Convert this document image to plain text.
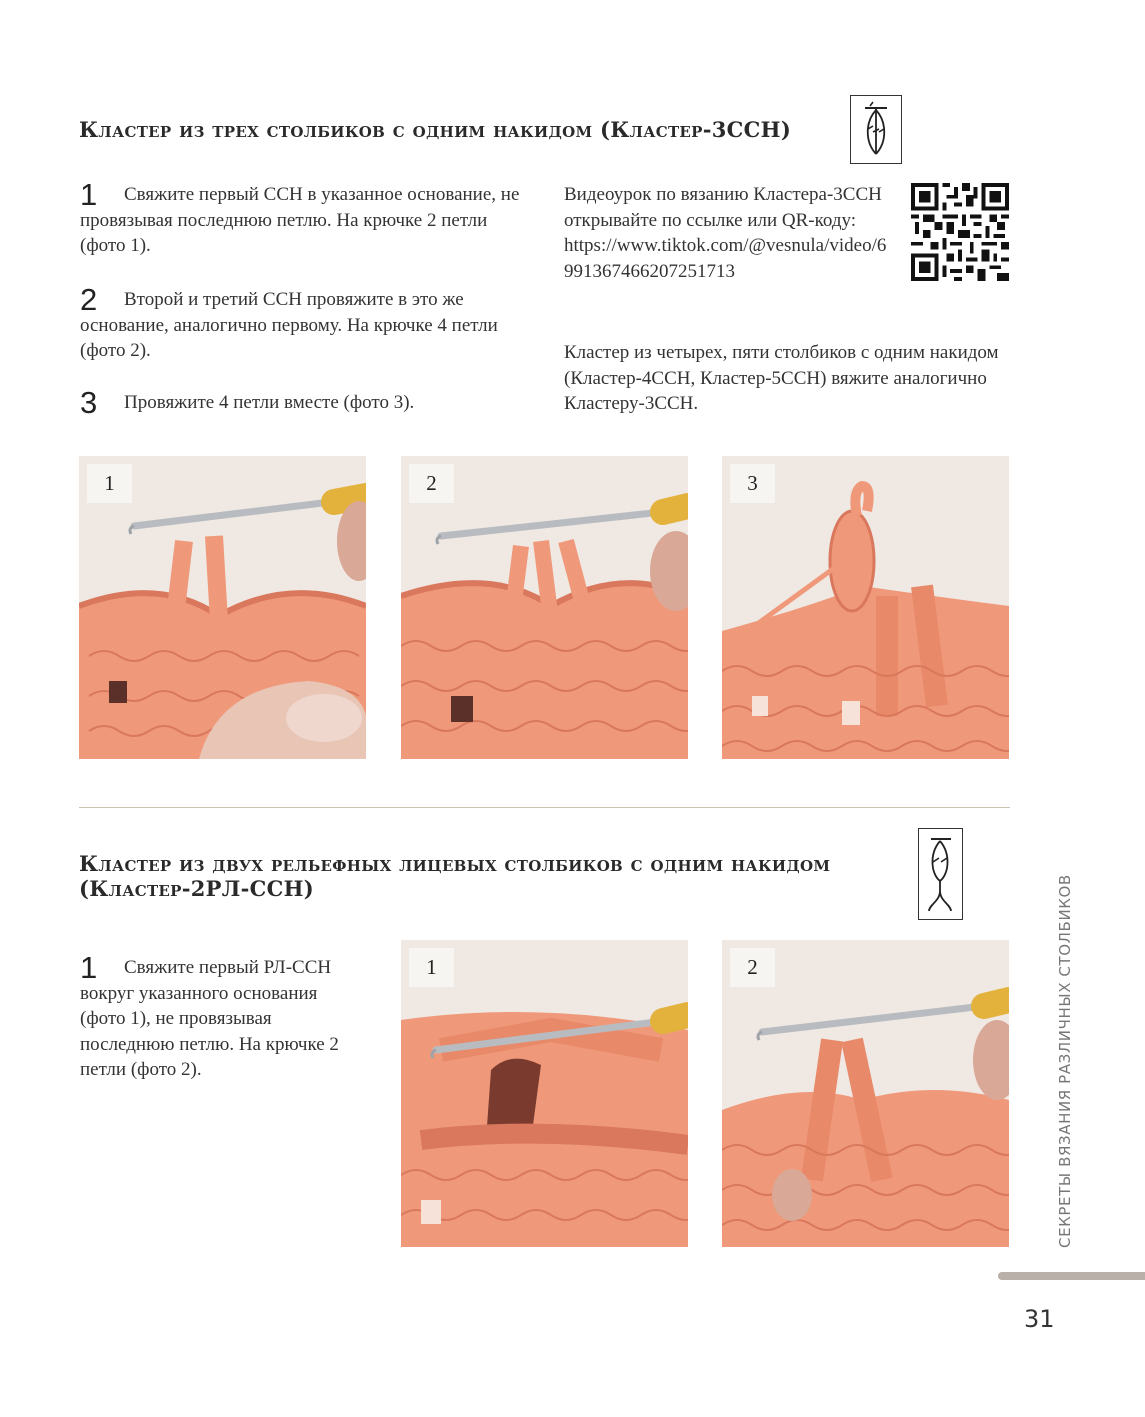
Кластер из трех столбиков с одним накидом (Кластер-3ССН)
1	Свяжите первый ССН в указанное основание, не провязывая последнюю петлю. На крючке 2 петли (фото 1).
2	Второй и третий ССН провяжите в это же основание, аналогично первому. На крючке 4 петли (фото 2).
3	Провяжите 4 петли вместе (фото 3).
Видеоурок по вязанию Кластера-3ССН открывайте по ссылке или QR-коду:
https://www.tiktok.com/@vesnula/video/6991367466207251713
Кластер из четырех, пяти столбиков с одним накидом (Кластер-4ССН, Кластер-5ССН) вяжите аналогично Кластеру-3ССН.
1	2	3
Кластер из двух рельефных лицевых столбиков с одним накидом (Кластер-2РЛ-ССН)
1	Свяжите первый РЛ-ССН вокруг указанного основания (фото 1), не провязывая последнюю петлю. На крючке 2 петли (фото 2).
1	2	СЕКРЕТЫ ВЯЗАНИЯ РАЗЛИЧНЫХ СТОЛБИКОВ
31
